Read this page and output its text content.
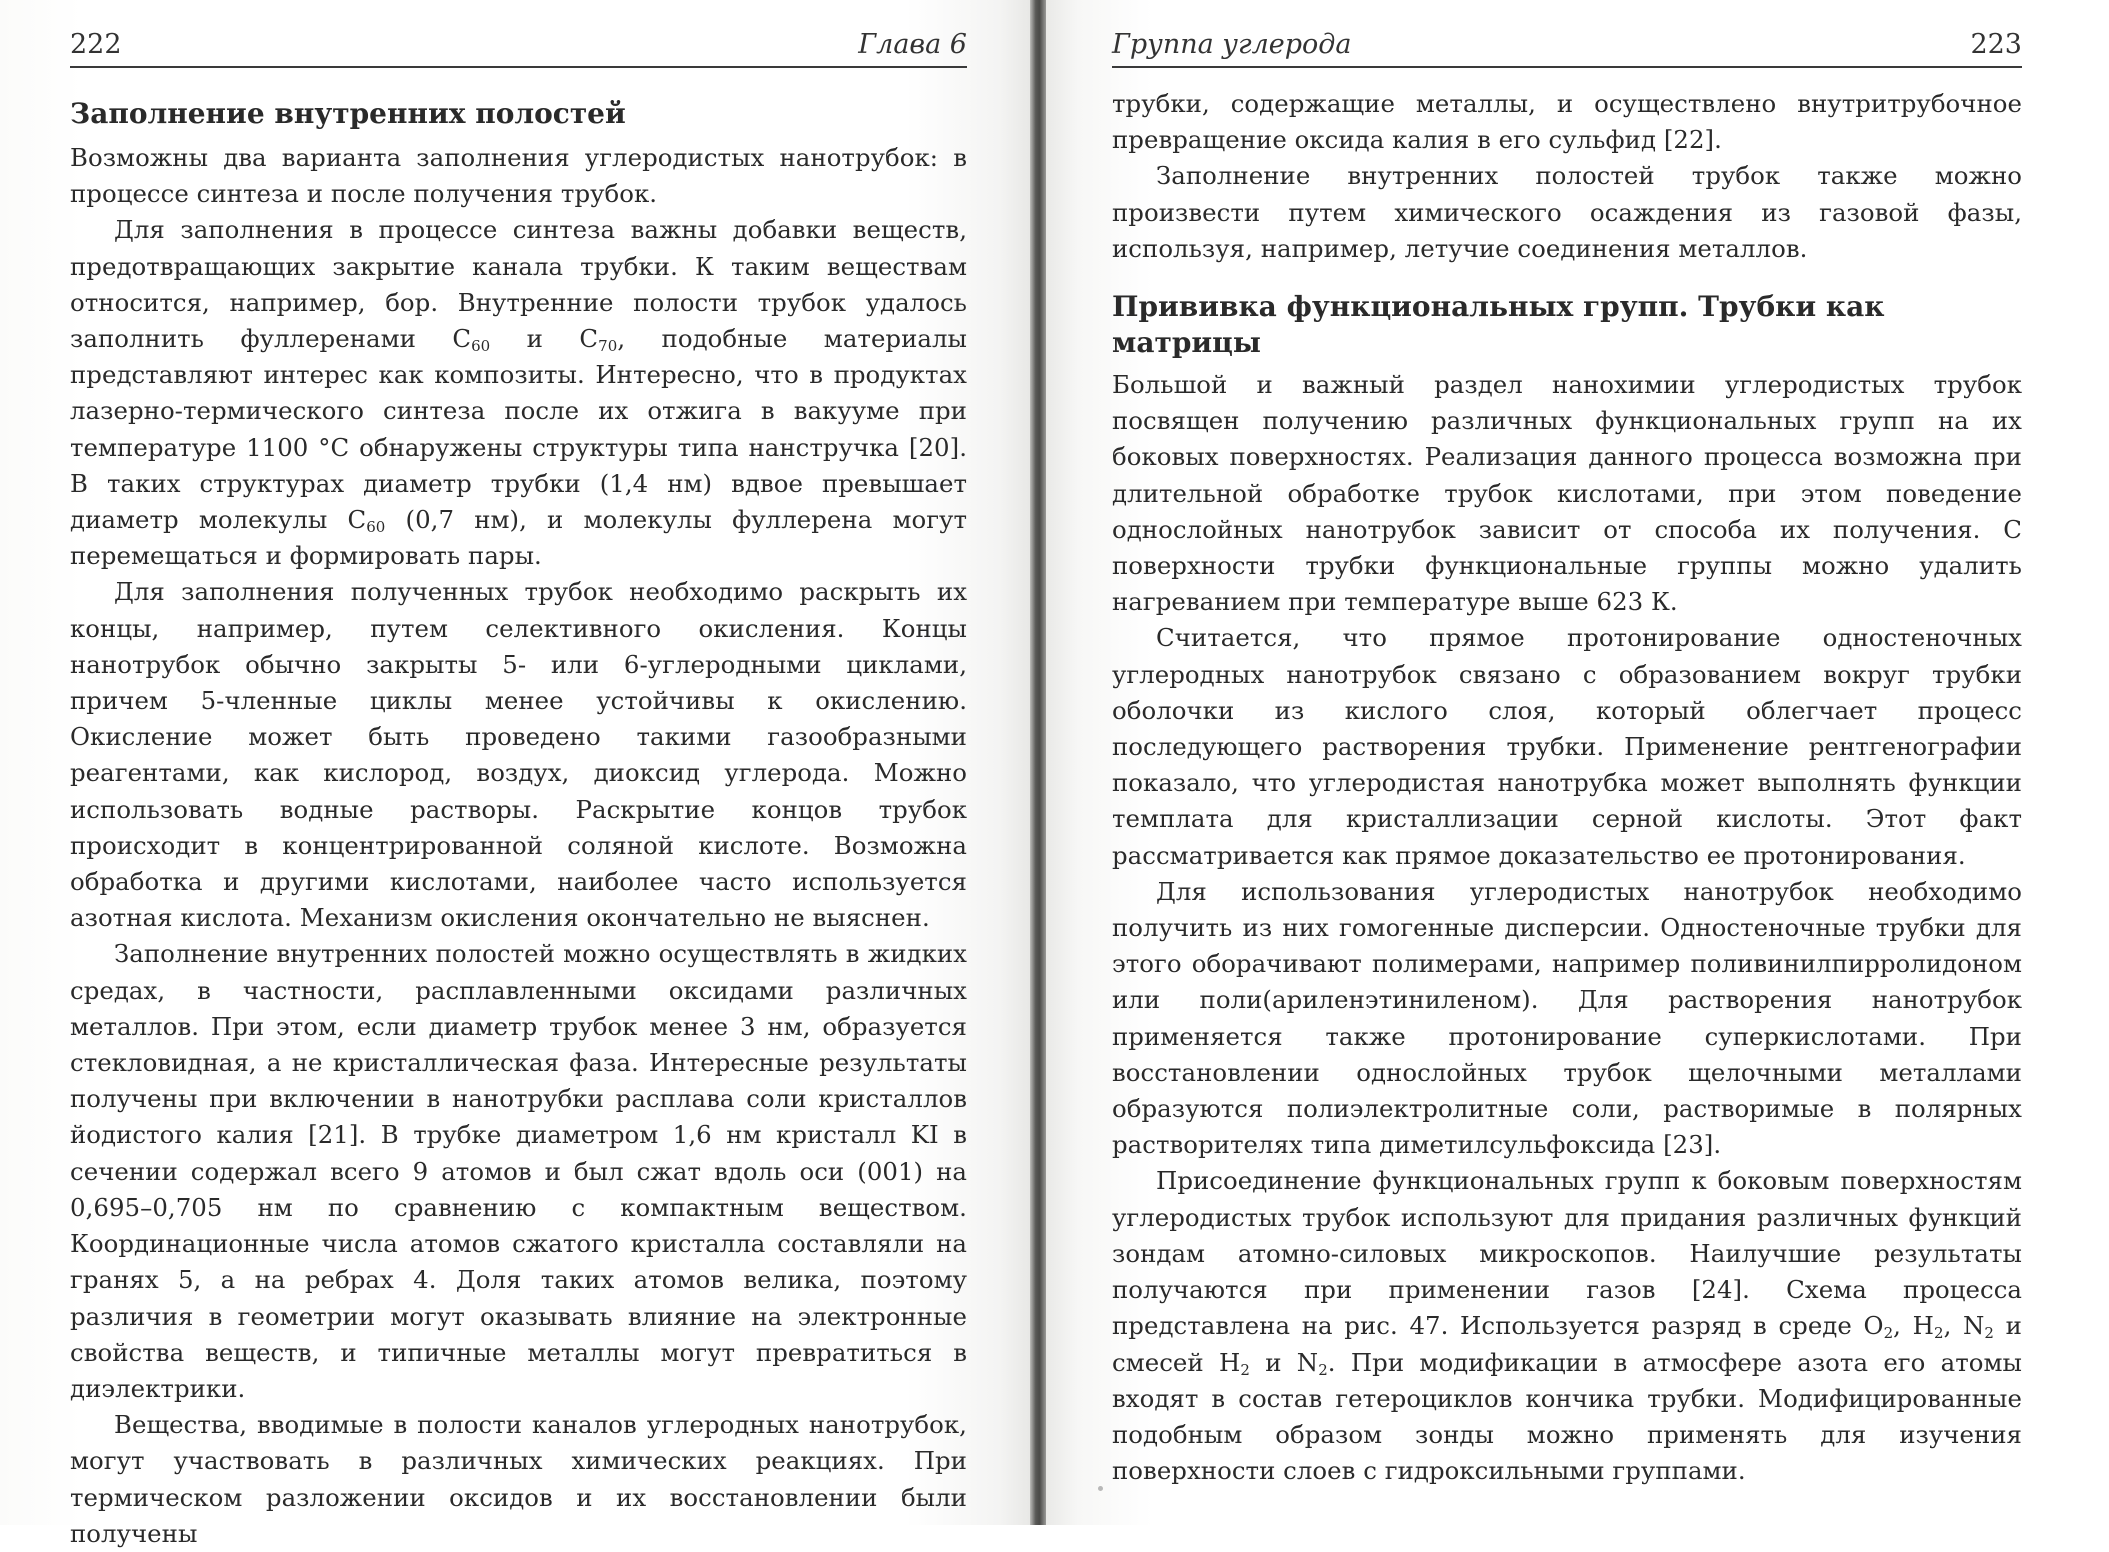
222	Глава 6
Заполнение внутренних полостей

Возможны два варианта заполнения углеродистых нанотрубок: в процессе синтеза и после получения трубок.

Для заполнения в процессе синтеза важны добавки веществ, предотвращающих закрытие канала трубки. К таким веществам относится, например, бор. Внутренние полости трубок удалось заполнить фуллеренами $С_{60}$ и $С_{70}$, подобные материалы представляют интерес как композиты. Интересно, что в продуктах лазерно-термического синтеза после их отжига в вакууме при температуре 1100 °С обнаружены структуры типа нанстручка [20]. В таких структурах диаметр трубки (1,4 нм) вдвое превышает диаметр молекулы $С_{60}$ (0,7 нм), и молекулы фуллерена могут перемещаться и формировать пары.

Для заполнения полученных трубок необходимо раскрыть их концы, например, путем селективного окисления. Концы нанотрубок обычно закрыты 5- или 6-углеродными циклами, причем 5-членные циклы менее устойчивы к окислению. Окисление может быть проведено такими газообразными реагентами, как кислород, воздух, диоксид углерода. Можно использовать водные растворы. Раскрытие концов трубок происходит в концентрированной соляной кислоте. Возможна обработка и другими кислотами, наиболее часто используется азотная кислота. Механизм окисления окончательно не выяснен.

Заполнение внутренних полостей можно осуществлять в жидких средах, в частности, расплавленными оксидами различных металлов. При этом, если диаметр трубок менее 3 нм, образуется стекловидная, а не кристаллическая фаза. Интересные результаты получены при включении в нанотрубки расплава соли кристаллов йодистого калия [21]. В трубке диаметром 1,6 нм кристалл KI в сечении содержал всего 9 атомов и был сжат вдоль оси (001) на 0,695–0,705 нм по сравнению с компактным веществом. Координационные числа атомов сжатого кристалла составляли на гранях 5, а на ребрах 4. Доля таких атомов велика, поэтому различия в геометрии могут оказывать влияние на электронные свойства веществ, и типичные металлы могут превратиться в диэлектрики.

Вещества, вводимые в полости каналов углеродных нанотрубок, могут участвовать в различных химических реакциях. При термическом разложении оксидов и их восстановлении были получены

Группа углерода	223

трубки, содержащие металлы, и осуществлено внутритрубочное превращение оксида калия в его сульфид [22].

Заполнение внутренних полостей трубок также можно произвести путем химического осаждения из газовой фазы, используя, например, летучие соединения металлов.

Прививка функциональных групп. Трубки как матрицы

Большой и важный раздел нанохимии углеродистых трубок посвящен получению различных функциональных групп на их боковых поверхностях. Реализация данного процесса возможна при длительной обработке трубок кислотами, при этом поведение однослойных нанотрубок зависит от способа их получения. С поверхности трубки функциональные группы можно удалить нагреванием при температуре выше 623 К.

Считается, что прямое протонирование одностеночных углеродных нанотрубок связано с образованием вокруг трубки оболочки из кислого слоя, который облегчает процесс последующего растворения трубки. Применение рентгенографии показало, что углеродистая нанотрубка может выполнять функции темплата для кристаллизации серной кислоты. Этот факт рассматривается как прямое доказательство ее протонирования.

Для использования углеродистых нанотрубок необходимо получить из них гомогенные дисперсии. Одностенoчные трубки для этого оборачивают полимерами, например поливинилпирролидоном или поли(ариленэтиниленом). Для растворения нанотрубок применяется также протонирование суперкислотами. При восстановлении однослойных трубок щелочными металлами образуются полиэлектролитные соли, растворимые в полярных растворителях типа диметилсульфоксида [23].

Присоединение функциональных групп к боковым поверхностям углеродистых трубок используют для придания различных функций зондам атомно-силовых микроскопов. Наилучшие результаты получаются при применении газов [24]. Схема процесса представлена на рис. 47. Используется разряд в среде $О_2$, $Н_2$, $N_2$ и смесей $Н_2$ и $N_2$. При модификации в атмосфере азота его атомы входят в состав гетероциклов кончика трубки. Модифицированные подобным образом зонды можно применять для изучения поверхности слоев с гидроксильными группами.
